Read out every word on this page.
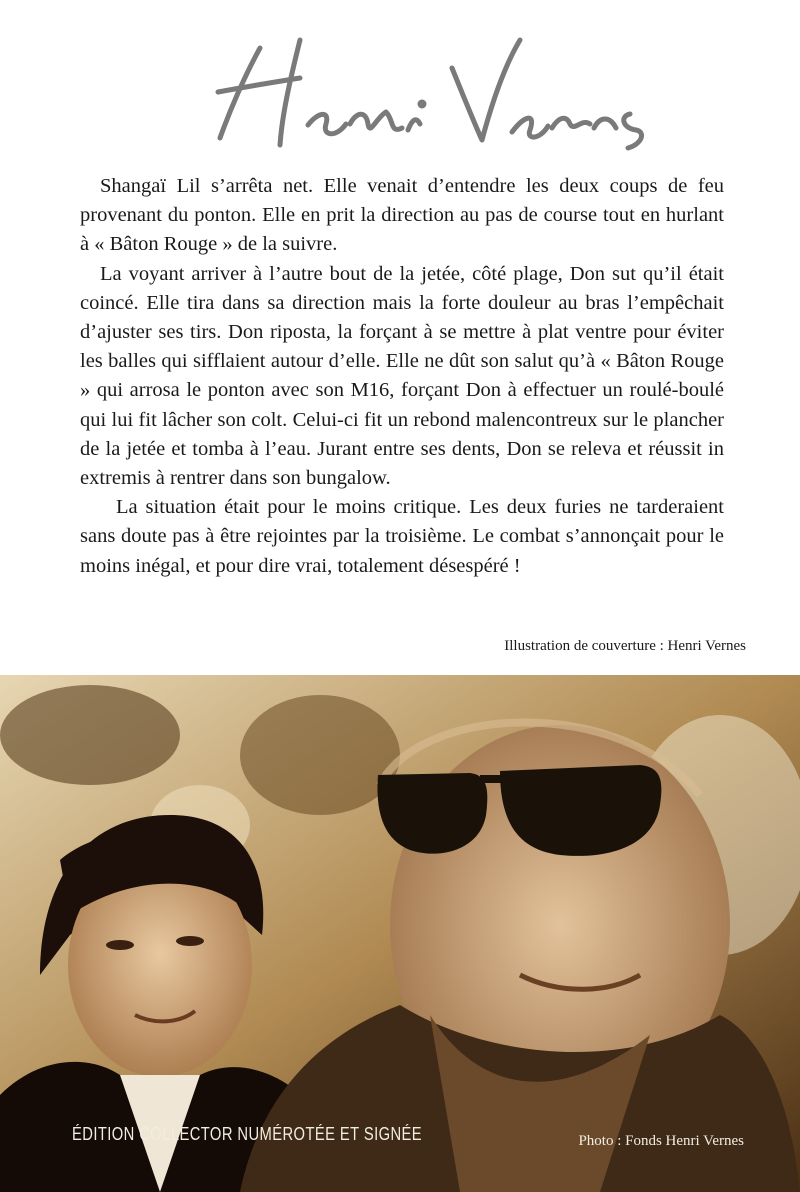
Shangaï Lil s’arrêta net. Elle venait d’entendre les deux coups de feu provenant du ponton. Elle en prit la direction au pas de course tout en hurlant à « Bâton Rouge » de la suivre.

La voyant arriver à l’autre bout de la jetée, côté plage, Don sut qu’il était coincé. Elle tira dans sa direction mais la forte douleur au bras l’empêchait d’ajuster ses tirs. Don riposta, la forçant à se mettre à plat ventre pour éviter les balles qui sifflaient autour d’elle. Elle ne dût son salut qu’à « Bâton Rouge » qui arrosa le ponton avec son M16, forçant Don à effectuer un roulé-boulé qui lui fit lâcher son colt. Celui-ci fit un rebond malencontreux sur le plancher de la jetée et tomba à l’eau. Jurant entre ses dents, Don se releva et réussit in extremis à rentrer dans son bungalow.

La situation était pour le moins critique. Les deux furies ne tarderaient sans doute pas à être rejointes par la troisième. Le combat s’annonçait pour le moins inégal, et pour dire vrai, totalement désespéré !

Illustration de couverture : Henri Vernes
ÉDITION COLLECTOR NUMÉROTÉE ET SIGNÉE	Photo : Fonds Henri Vernes
